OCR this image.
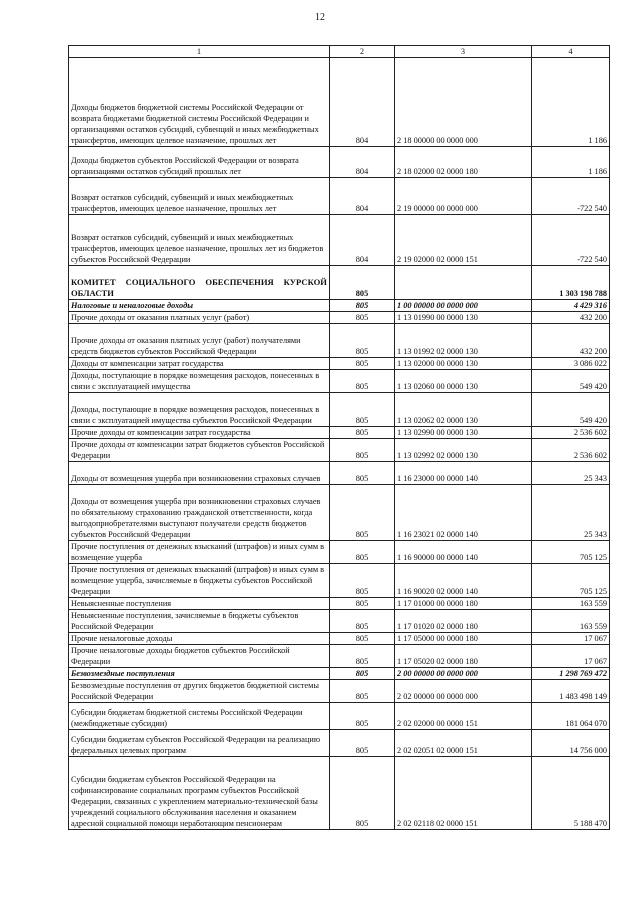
12
1	2	3	4
Доходы бюджетов бюджетной системы Российской Федерации от возврата бюджетами бюджетной системы Российской Федерации и организациями остатков субсидий, субвенций и иных межбюджетных трансфертов, имеющих целевое назначение, прошлых лет	804	2 18 00000 00 0000 000	1 186
Доходы бюджетов субъектов Российской Федерации от возврата организациями остатков субсидий прошлых лет	804	2 18 02000 02 0000 180	1 186
Возврат остатков субсидий, субвенций и иных межбюджетных трансфертов, имеющих целевое назначение, прошлых лет	804	2 19 00000 00 0000 000	-722 540
Возврат остатков субсидий, субвенций и иных межбюджетных трансфертов, имеющих целевое назначение, прошлых лет из бюджетов субъектов Российской Федерации	804	2 19 02000 02 0000 151	-722 540
КОМИТЕТ СОЦИАЛЬНОГО ОБЕСПЕЧЕНИЯ КУРСКОЙ ОБЛАСТИ	805		1 303 198 788
Налоговые и неналоговые доходы	805	1 00 00000 00 0000 000	4 429 316
Прочие доходы от оказания платных услуг (работ)	805	1 13 01990 00 0000 130	432 200
Прочие доходы от оказания платных услуг (работ) получателями средств бюджетов субъектов Российской Федерации	805	1 13 01992 02 0000 130	432 200
Доходы от компенсации затрат государства	805	1 13 02000 00 0000 130	3 086 022
Доходы, поступающие в порядке возмещения расходов, понесенных в связи с эксплуатацией имущества	805	1 13 02060 00 0000 130	549 420
Доходы, поступающие в порядке возмещения расходов, понесенных в связи с эксплуатацией имущества субъектов Российской Федерации	805	1 13 02062 02 0000 130	549 420
Прочие доходы от компенсации затрат государства	805	1 13 02990 00 0000 130	2 536 602
Прочие доходы от компенсации затрат бюджетов субъектов Российской Федерации	805	1 13 02992 02 0000 130	2 536 602
Доходы от возмещения ущерба при возникновении страховых случаев	805	1 16 23000 00 0000 140	25 343
Доходы от возмещения ущерба при возникновении страховых случаев по обязательному страхованию гражданской ответственности, когда выгодоприобретателями выступают получатели средств бюджетов субъектов Российской Федерации	805	1 16 23021 02 0000 140	25 343
Прочие поступления от денежных взысканий (штрафов) и иных сумм в возмещение ущерба	805	1 16 90000 00 0000 140	705 125
Прочие поступления от денежных взысканий (штрафов) и иных сумм в возмещение ущерба, зачисляемые в бюджеты субъектов Российской Федерации	805	1 16 90020 02 0000 140	705 125
Невыясненные поступления	805	1 17 01000 00 0000 180	163 559
Невыясненные поступления, зачисляемые в бюджеты субъектов Российской Федерации	805	1 17 01020 02 0000 180	163 559
Прочие неналоговые доходы	805	1 17 05000 00 0000 180	17 067
Прочие неналоговые доходы бюджетов субъектов Российской Федерации	805	1 17 05020 02 0000 180	17 067
Безвозмездные поступления	805	2 00 00000 00 0000 000	1 298 769 472
Безвозмездные поступления от других бюджетов бюджетной системы Российской Федерации	805	2 02 00000 00 0000 000	1 483 498 149
Субсидии бюджетам бюджетной системы Российской Федерации (межбюджетные субсидии)	805	2 02 02000 00 0000 151	181 064 070
Субсидии бюджетам субъектов Российской Федерации на реализацию федеральных целевых программ	805	2 02 02051 02 0000 151	14 756 000
Субсидии бюджетам субъектов Российской Федерации на софинансирование социальных программ субъектов Российской Федерации, связанных с укреплением материально-технической базы учреждений социального обслуживания населения и оказанием адресной социальной помощи неработающим пенсионерам	805	2 02 02118 02 0000 151	5 188 470
